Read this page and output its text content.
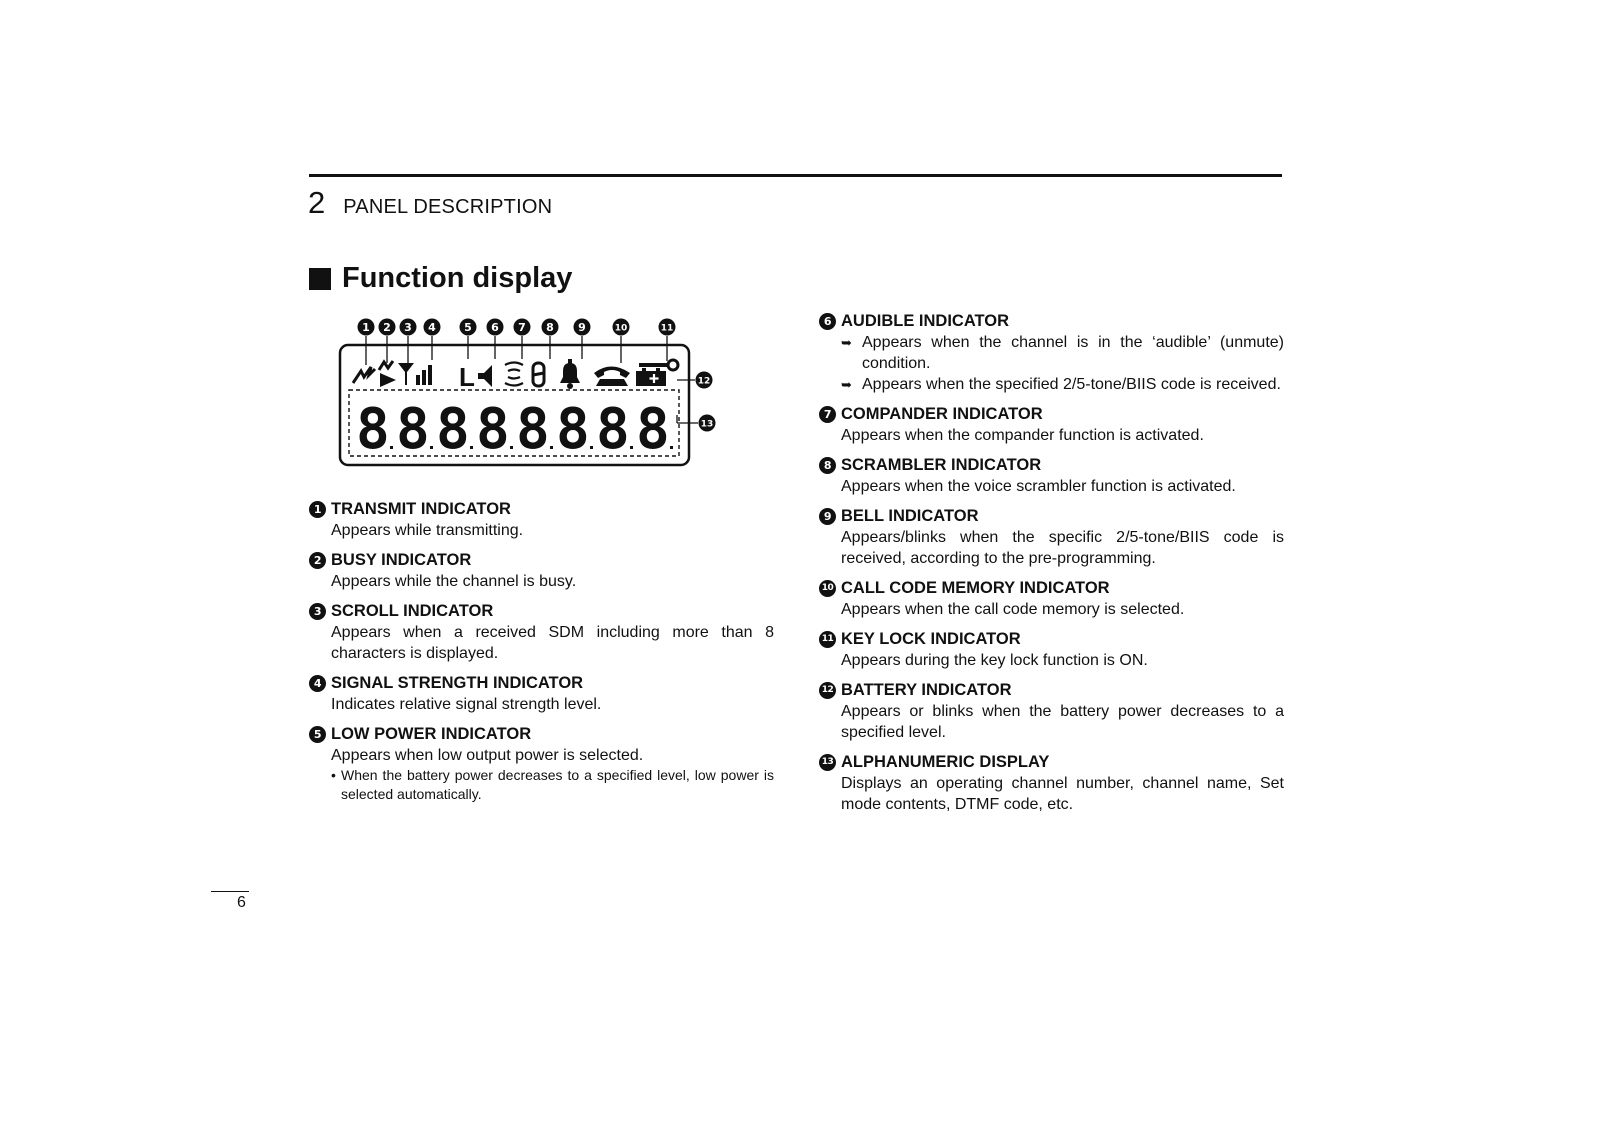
2 PANEL DESCRIPTION
Function display
1 2 3 4	5 6 7 8 9	10	11
L	12
13
8 8 8 8 8 8 8 8
1 TRANSMIT INDICATOR

Appears while transmitting.

2 BUSY INDICATOR

Appears while the channel is busy.

3 SCROLL INDICATOR

Appears when a received SDM including more than 8 characters is displayed.

4 SIGNAL STRENGTH INDICATOR

Indicates relative signal strength level.

5 LOW POWER INDICATOR

Appears when low output power is selected.

• When the battery power decreases to a specified level, low power is selected automatically.
6 AUDIBLE INDICATOR
➥ Appears when the channel is in the ‘audible’ (unmute) condition.
➥ Appears when the specified 2/5-tone/BIIS code is received.
7 COMPANDER INDICATOR

Appears when the compander function is activated.

8 SCRAMBLER INDICATOR

Appears when the voice scrambler function is activated.

9 BELL INDICATOR

Appears/blinks when the specific 2/5-tone/BIIS code is received, according to the pre-programming.

10 CALL CODE MEMORY INDICATOR

Appears when the call code memory is selected.

11 KEY LOCK INDICATOR

Appears during the key lock function is ON.

12 BATTERY INDICATOR

Appears or blinks when the battery power decreases to a specified level.

13 ALPHANUMERIC DISPLAY

Displays an operating channel number, channel name, Set mode contents, DTMF code, etc.

6
